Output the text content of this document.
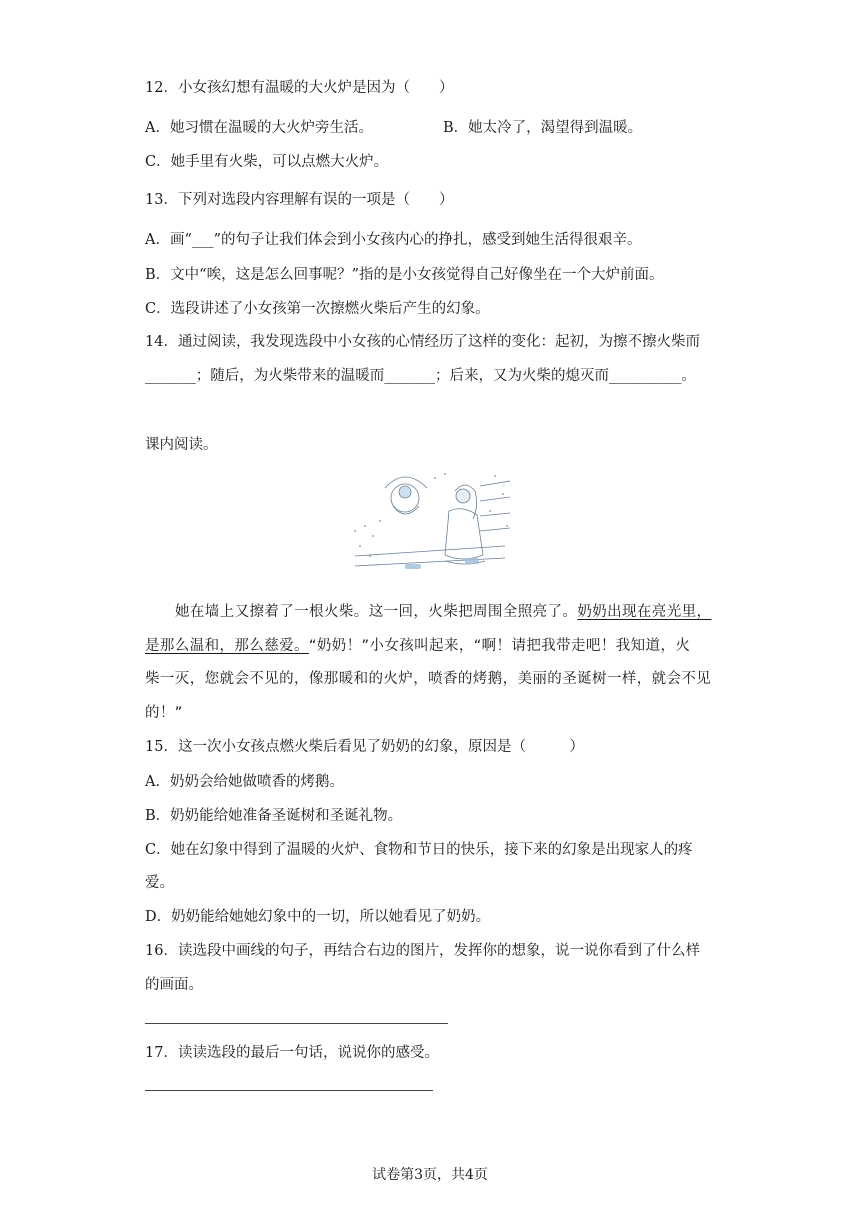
12．小女孩幻想有温暖的大火炉是因为（　　）
A．她习惯在温暖的大火炉旁生活。	B．她太冷了，渴望得到温暖。
C．她手里有火柴，可以点燃大火炉。
13．下列对选段内容理解有误的一项是（　　）
A．画“___”的句子让我们体会到小女孩内心的挣扎，感受到她生活得很艰辛。
B．文中“唉，这是怎么回事呢？”指的是小女孩觉得自己好像坐在一个大炉前面。
C．选段讲述了小女孩第一次擦燃火柴后产生的幻象。
14．通过阅读，我发现选段中小女孩的心情经历了这样的变化：起初，为擦不擦火柴而
_______；随后，为火柴带来的温暖而_______；后来，又为火柴的熄灭而__________。
课内阅读。
她在墙上又擦着了一根火柴。这一回，火柴把周围全照亮了。奶奶出现在亮光里，
是那么温和，那么慈爱。“奶奶！”小女孩叫起来，“啊！请把我带走吧！我知道，火
柴一灭，您就会不见的，像那暖和的火炉，喷香的烤鹅，美丽的圣诞树一样，就会不见
的！”
15．这一次小女孩点燃火柴后看见了奶奶的幻象，原因是（　　　）
A．奶奶会给她做喷香的烤鹅。
B．奶奶能给她准备圣诞树和圣诞礼物。
C．她在幻象中得到了温暖的火炉、食物和节日的快乐，接下来的幻象是出现家人的疼
爱。
D．奶奶能给她她幻象中的一切，所以她看见了奶奶。
16．读选段中画线的句子，再结合右边的图片，发挥你的想象，说一说你看到了什么样
的画面。
17．读读选段的最后一句话，说说你的感受。
试卷第3页，共4页
